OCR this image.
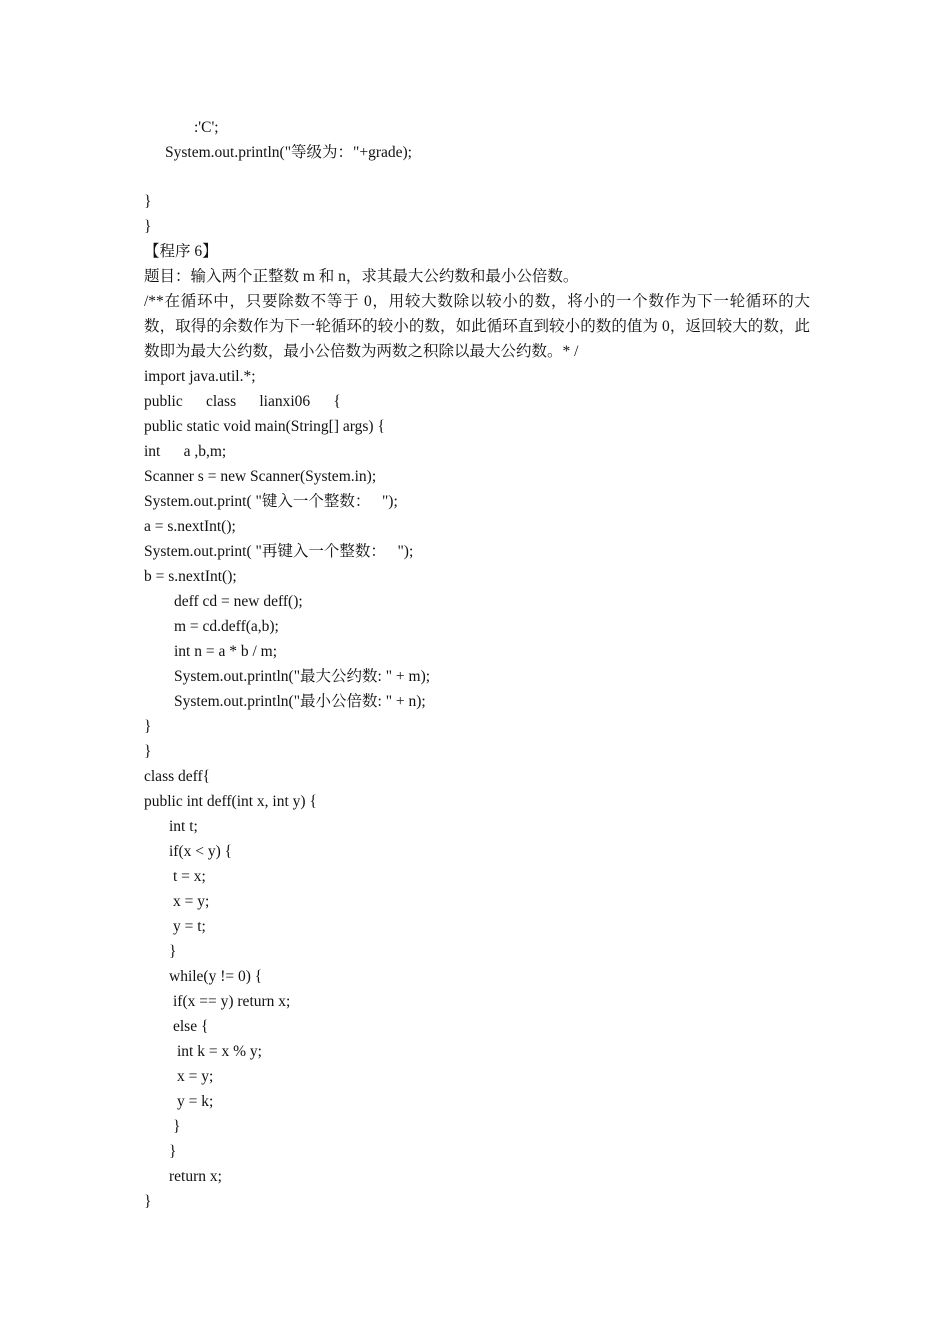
:'C';
System.out.println("等级为："+grade);
}
}
【程序 6】
题目：输入两个正整数 m 和 n，求其最大公约数和最小公倍数。
/**在循环中，只要除数不等于 0，用较大数除以较小的数，将小的一个数作为下一轮循环的大数，取得的余数作为下一轮循环的较小的数，如此循环直到较小的数的值为 0，返回较大的数，此数即为最大公约数，最小公倍数为两数之积除以最大公约数。* /
import java.util.*;
public      class      lianxi06      {
public static void main(String[] args) {
int      a ,b,m;
Scanner s = new Scanner(System.in);
System.out.print( "键入一个整数：   ");
a = s.nextInt();
System.out.print( "再键入一个整数：   ");
b = s.nextInt();
deff cd = new deff();
m = cd.deff(a,b);
int n = a * b / m;
System.out.println("最大公约数: " + m);
System.out.println("最小公倍数: " + n);
}
}
class deff{
public int deff(int x, int y) {
int t;
if(x < y) {
t = x;
x = y;
y = t;
}
while(y != 0) {
if(x == y) return x;
else {
int k = x % y;
x = y;
y = k;
}
}
return x;
}
